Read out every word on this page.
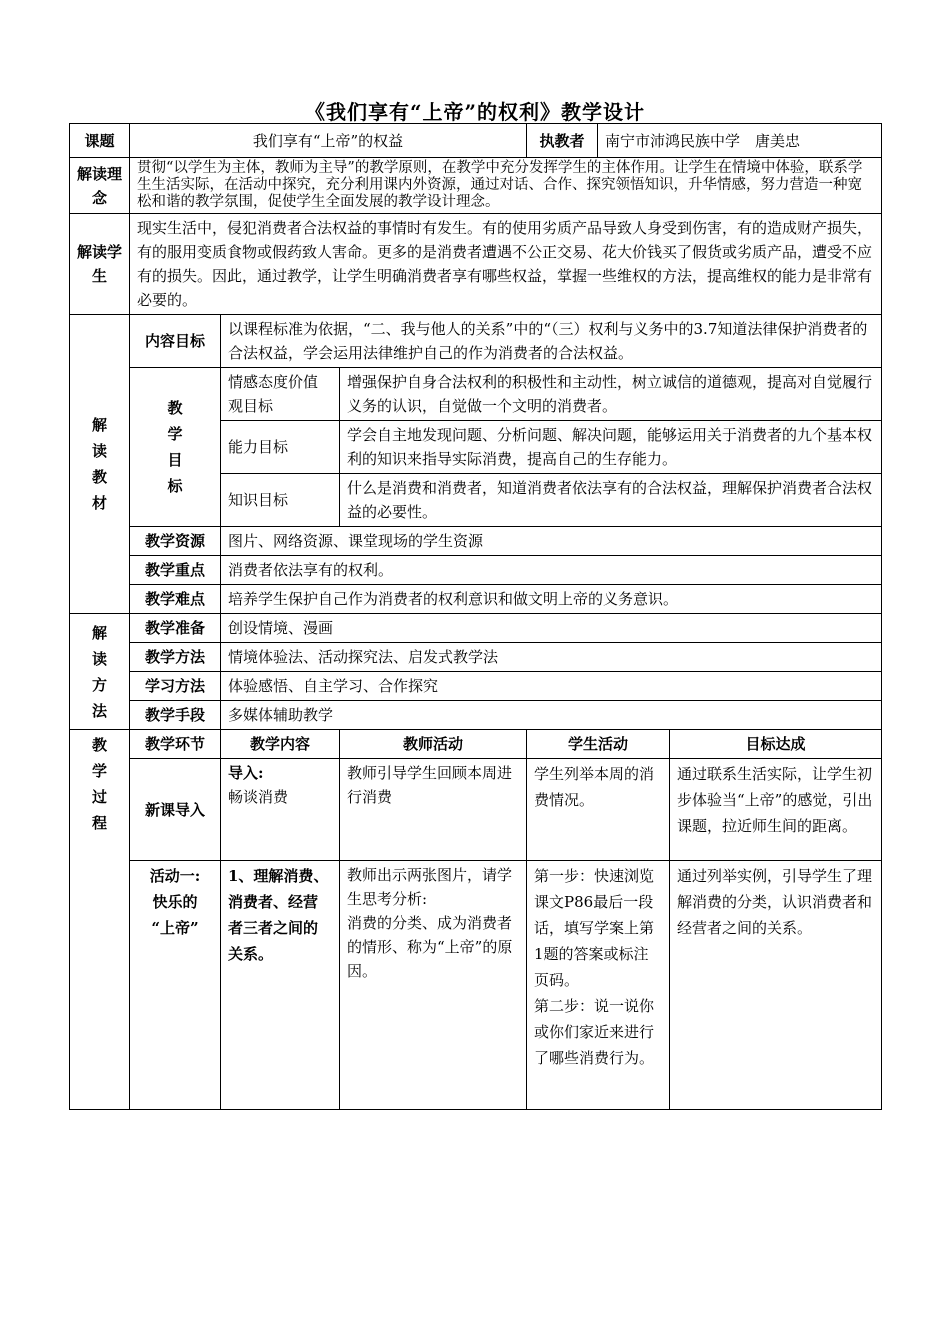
《我们享有“上帝”的权利》教学设计
课题	我们享有“上帝”的权益			执教者	南宁市沛鸿民族中学　唐美忠	

解读理念	贯彻“以学生为主体，教师为主导”的教学原则，在教学中充分发挥学生的主体作用。让学生在情境中体验，联系学生生活实际，在活动中探究，充分利用课内外资源，通过对话、合作、探究领悟知识，升华情感，努力营造一种宽松和谐的教学氛围，促使学生全面发展的教学设计理念。					
解读学生	现实生活中，侵犯消费者合法权益的事情时有发生。有的使用劣质产品导致人身受到伤害，有的造成财产损失，有的服用变质食物或假药致人害命。更多的是消费者遭遇不公正交易、花大价钱买了假货或劣质产品，遭受不应有的损失。因此，通过教学，让学生明确消费者享有哪些权益，掌握一些维权的方法，提高维权的能力是非常有必要的。					

解
读
教
材	内容目标	以课程标准为依据，“二、我与他人的关系”中的“（三）权利与义务中的3.7知道法律保护消费者的合法权益，学会运用法律维护自己的作为消费者的合法权益。				

	教
学
目
标	情感态度价值观目标	增强保护自身合法权利的积极性和主动性，树立诚信的道德观，提高对自觉履行义务的认识，自觉做一个文明的消费者。			
		能力目标	学会自主地发现问题、分析问题、解决问题，能够运用关于消费者的九个基本权利的知识来指导实际消费，提高自己的生存能力。			
		知识目标	什么是消费和消费者，知道消费者依法享有的合法权益，理解保护消费者合法权益的必要性。			
	教学资源	图片、网络资源、课堂现场的学生资源				
	教学重点	消费者依法享有的权利。				
	教学难点	培养学生保护自己作为消费者的权利意识和做文明上帝的义务意识。				

解
读
方
法	教学准备	创设情境、漫画				
	教学方法	情境体验法、活动探究法、启发式教学法				
	学习方法	体验感悟、自主学习、合作探究				
	教学手段	多媒体辅助教学				

教
学
过
程	教学环节	教学内容	教师活动	学生活动		目标达成
	新课导入	导入:
畅谈消费	教师引导学生回顾本周进行消费	学生列举本周的消费情况。		通过联系生活实际，让学生初步体验当“上帝”的感觉，引出课题，拉近师生间的距离。

	活动一:
快乐的
“上帝”	1、理解消费、消费者、经营者三者之间的关系。	教师出示两张图片，请学生思考分析:
消费的分类、成为消费者的情形、称为“上帝”的原因。	第一步：快速浏览课文P86最后一段话，填写学案上第1题的答案或标注页码。
第二步：说一说你或你们家近来进行了哪些消费行为。		通过列举实例，引导学生了理解消费的分类，认识消费者和经营者之间的关系。
